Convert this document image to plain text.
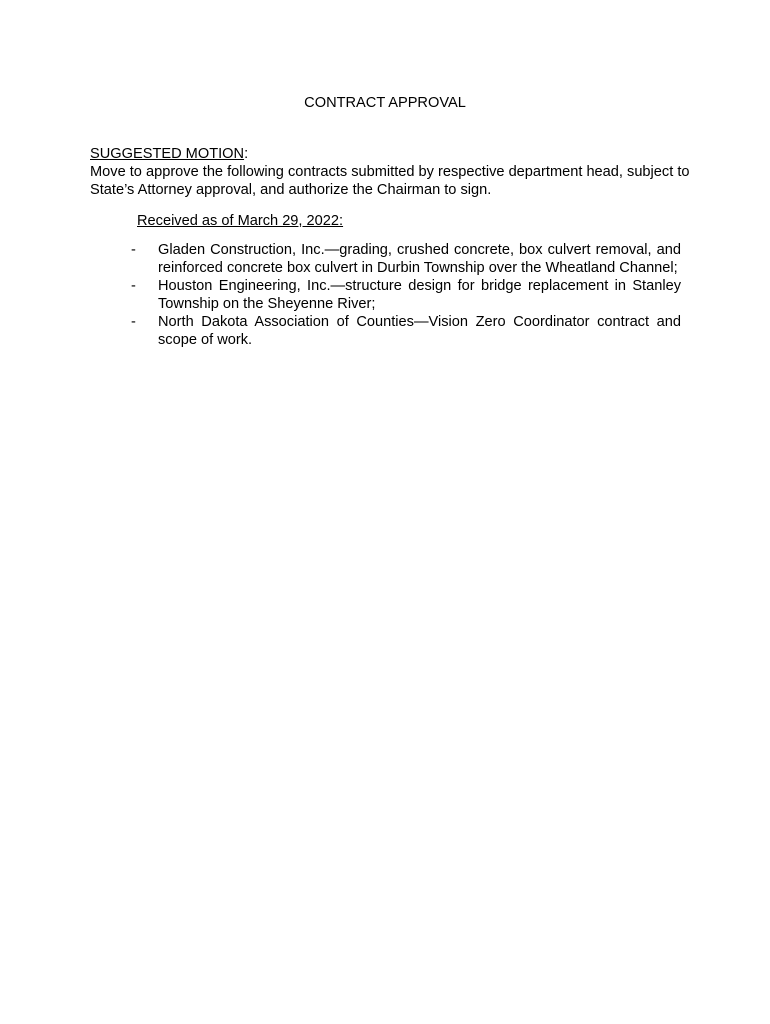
CONTRACT APPROVAL
SUGGESTED MOTION:

Move to approve the following contracts submitted by respective department head, subject to State’s Attorney approval, and authorize the Chairman to sign.

Received as of March 29, 2022:
- Gladen Construction, Inc.—grading, crushed concrete, box culvert removal, and reinforced concrete box culvert in Durbin Township over the Wheatland Channel;
- Houston Engineering, Inc.—structure design for bridge replacement in Stanley Township on the Sheyenne River;
- North Dakota Association of Counties—Vision Zero Coordinator contract and scope of work.
